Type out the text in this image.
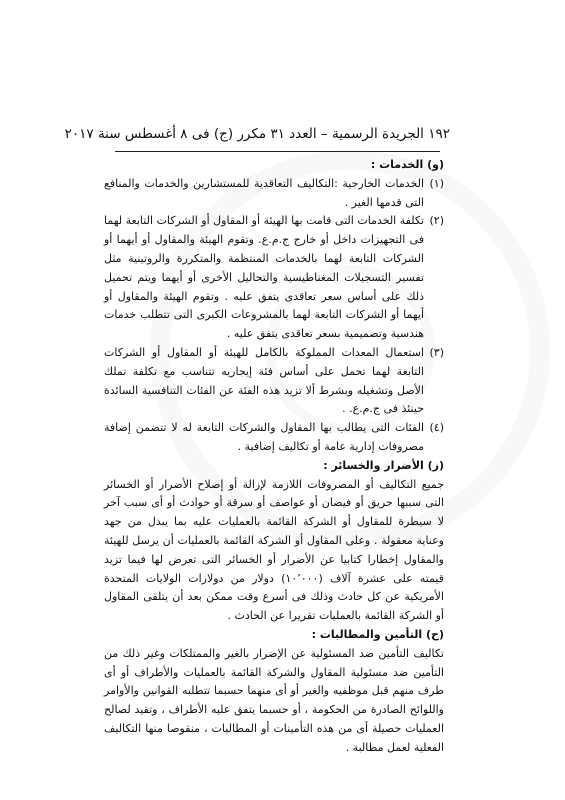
١٩٢ الجريدة الرسمية – العدد ٣١ مكرر (ج) فى ٨ أغسطس سنة ٢٠١٧

(و) الخدمات :

(١)

الخدمات الخارجية :التكاليف التعاقدية للمستشارين والخدمات والمنافع التى قدمها الغير .

(٢)

تكلفة الخدمات التى قامت بها الهيئة أو المقاول أو الشركات التابعة لهما فى التجهيزات داخل أو خارج ج.م.ع. وتقوم الهيئة والمقاول أو أيهما أو الشركات التابعة لهما بالخدمات المنتظمة والمتكررة والروتينية مثل تفسير التسجيلات المغناطيسية والتحاليل الأخرى أو أيهما ويتم تحميل ذلك على أساس سعر تعاقدى يتفق عليه . وتقوم الهيئة والمقاول أو أيهما أو الشركات التابعة لهما بالمشروعات الكبرى التى تتطلب خدمات هندسية وتصميمية بسعر تعاقدى يتفق عليه .

(٣)

استعمال المعدات المملوكة بالكامل للهيئة أو المقاول أو الشركات التابعة لهما تحمل على أساس فئة إيجاريه تتناسب مع تكلفة تملك الأصل وتشغيله وبشرط ألا تزيد هذه الفئة عن الفئات التنافسية السائدة حينئذ فى ج.م.ع. .

(٤)

الفئات التى يطالب بها المقاول والشركات التابعة له لا تتضمن إضافة مصروفات إدارية عامة أو تكاليف إضافية .

(ز) الأضرار والخسائر :

جميع التكاليف أو المصروفات اللازمة لإزالة أو إصلاح الأضرار أو الخسائر التى سببها حريق أو فيضان أو عواصف أو سرقة أو حوادث أو أى سبب آخر لا سيطرة للمقاول أو الشركة القائمة بالعمليات عليه بما يبذل من جهد وعناية معقولة . وعلى المقاول أو الشركة القائمة بالعمليات أن يرسل للهيئة والمقاول إخطارا كتابيا عن الأضرار أو الخسائر التى تعرض لها فيما تزيد قيمته على عشرة آلاف (١٠٬٠٠٠) دولار من دولارات الولايات المتحدة الأمريكية عن كل حادث وذلك فى أسرع وقت ممكن بعد أن يتلقى المقاول أو الشركة القائمة بالعمليات تقريرا عن الحادث .

(ح) التأمين والمطالبات :

تكاليف التأمين ضد المسئولية عن الإضرار بالغير والممتلكات وغير ذلك من التأمين ضد مسئولية المقاول والشركة القائمة بالعمليات والأطراف أو أى طرف منهم قبل موظفيه والغير أو أى منهما حسبما تتطلبه القوانين والأوامر واللوائح الصادرة من الحكومة ، أو حسبما يتفق عليه الأطراف ، وتقيد لصالح العمليات حصيلة أى من هذه التأمينات أو المطالبات ، منقوصا منها التكاليف الفعلية لعمل مطالبة .
